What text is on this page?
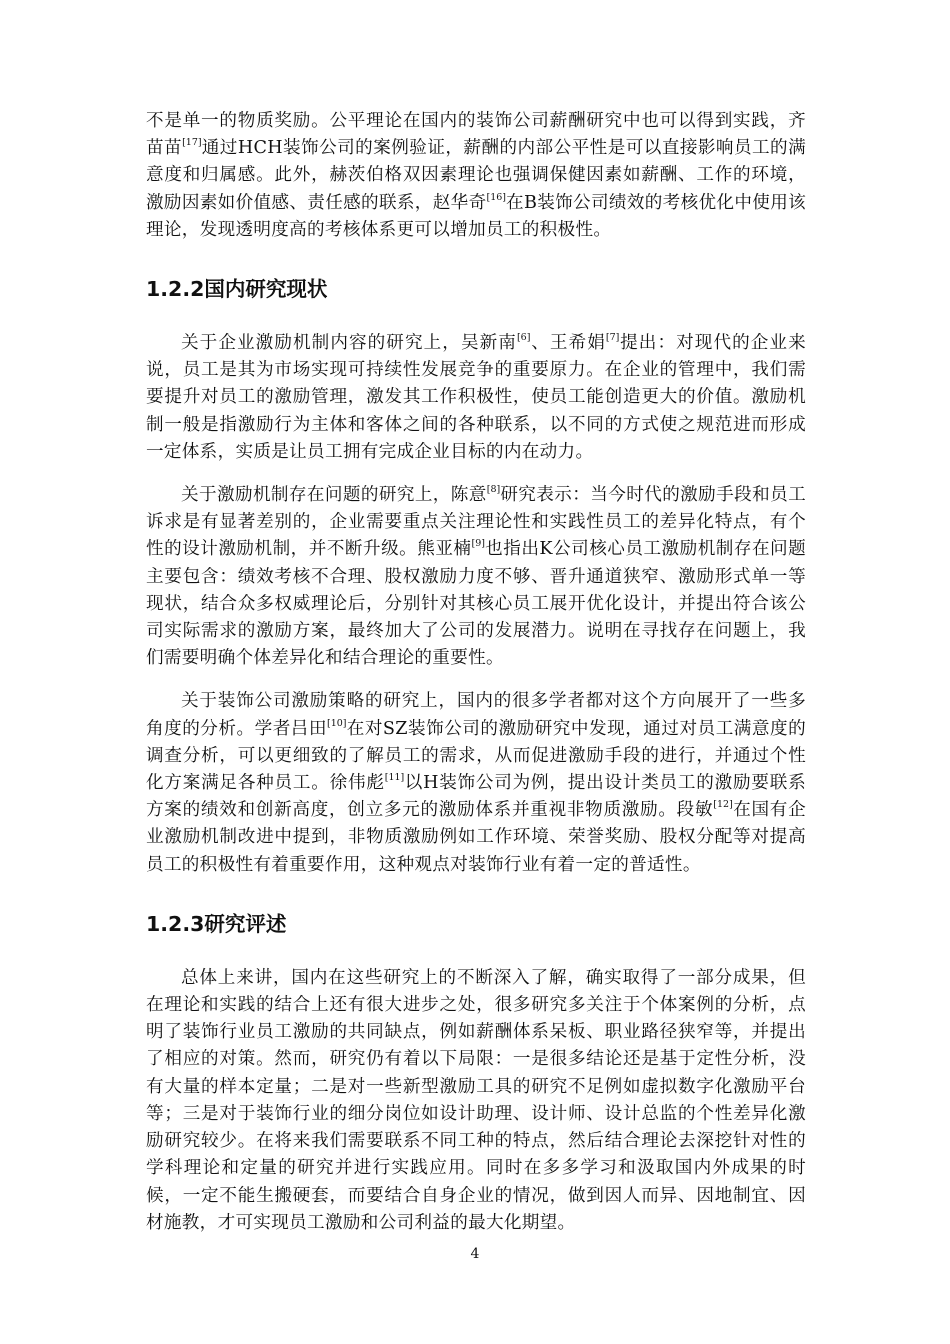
不是单一的物质奖励。公平理论在国内的装饰公司薪酬研究中也可以得到实践，齐苗苗[17]通过HCH装饰公司的案例验证，薪酬的内部公平性是可以直接影响员工的满意度和归属感。此外，赫茨伯格双因素理论也强调保健因素如薪酬、工作的环境，激励因素如价值感、责任感的联系，赵华奇[16]在B装饰公司绩效的考核优化中使用该理论，发现透明度高的考核体系更可以增加员工的积极性。

1.2.2国内研究现状

关于企业激励机制内容的研究上，吴新南[6]、王希娟[7]提出：对现代的企业来说，员工是其为市场实现可持续性发展竞争的重要原力。在企业的管理中，我们需要提升对员工的激励管理，激发其工作积极性，使员工能创造更大的价值。激励机制一般是指激励行为主体和客体之间的各种联系，以不同的方式使之规范进而形成一定体系，实质是让员工拥有完成企业目标的内在动力。

关于激励机制存在问题的研究上，陈意[8]研究表示：当今时代的激励手段和员工诉求是有显著差别的，企业需要重点关注理论性和实践性员工的差异化特点，有个性的设计激励机制，并不断升级。熊亚楠[9]也指出K公司核心员工激励机制存在问题主要包含：绩效考核不合理、股权激励力度不够、晋升通道狭窄、激励形式单一等现状，结合众多权威理论后，分别针对其核心员工展开优化设计，并提出符合该公司实际需求的激励方案，最终加大了公司的发展潜力。说明在寻找存在问题上，我们需要明确个体差异化和结合理论的重要性。

关于装饰公司激励策略的研究上，国内的很多学者都对这个方向展开了一些多角度的分析。学者吕田[10]在对SZ装饰公司的激励研究中发现，通过对员工满意度的调查分析，可以更细致的了解员工的需求，从而促进激励手段的进行，并通过个性化方案满足各种员工。徐伟彪[11]以H装饰公司为例，提出设计类员工的激励要联系方案的绩效和创新高度，创立多元的激励体系并重视非物质激励。段敏[12]在国有企业激励机制改进中提到，非物质激励例如工作环境、荣誉奖励、股权分配等对提高员工的积极性有着重要作用，这种观点对装饰行业有着一定的普适性。

1.2.3研究评述

总体上来讲，国内在这些研究上的不断深入了解，确实取得了一部分成果，但在理论和实践的结合上还有很大进步之处，很多研究多关注于个体案例的分析，点明了装饰行业员工激励的共同缺点，例如薪酬体系呆板、职业路径狭窄等，并提出了相应的对策。然而，研究仍有着以下局限：一是很多结论还是基于定性分析，没有大量的样本定量；二是对一些新型激励工具的研究不足例如虚拟数字化激励平台等；三是对于装饰行业的细分岗位如设计助理、设计师、设计总监的个性差异化激励研究较少。在将来我们需要联系不同工种的特点，然后结合理论去深挖针对性的学科理论和定量的研究并进行实践应用。同时在多多学习和汲取国内外成果的时候，一定不能生搬硬套，而要结合自身企业的情况，做到因人而异、因地制宜、因材施教，才可实现员工激励和公司利益的最大化期望。

4
